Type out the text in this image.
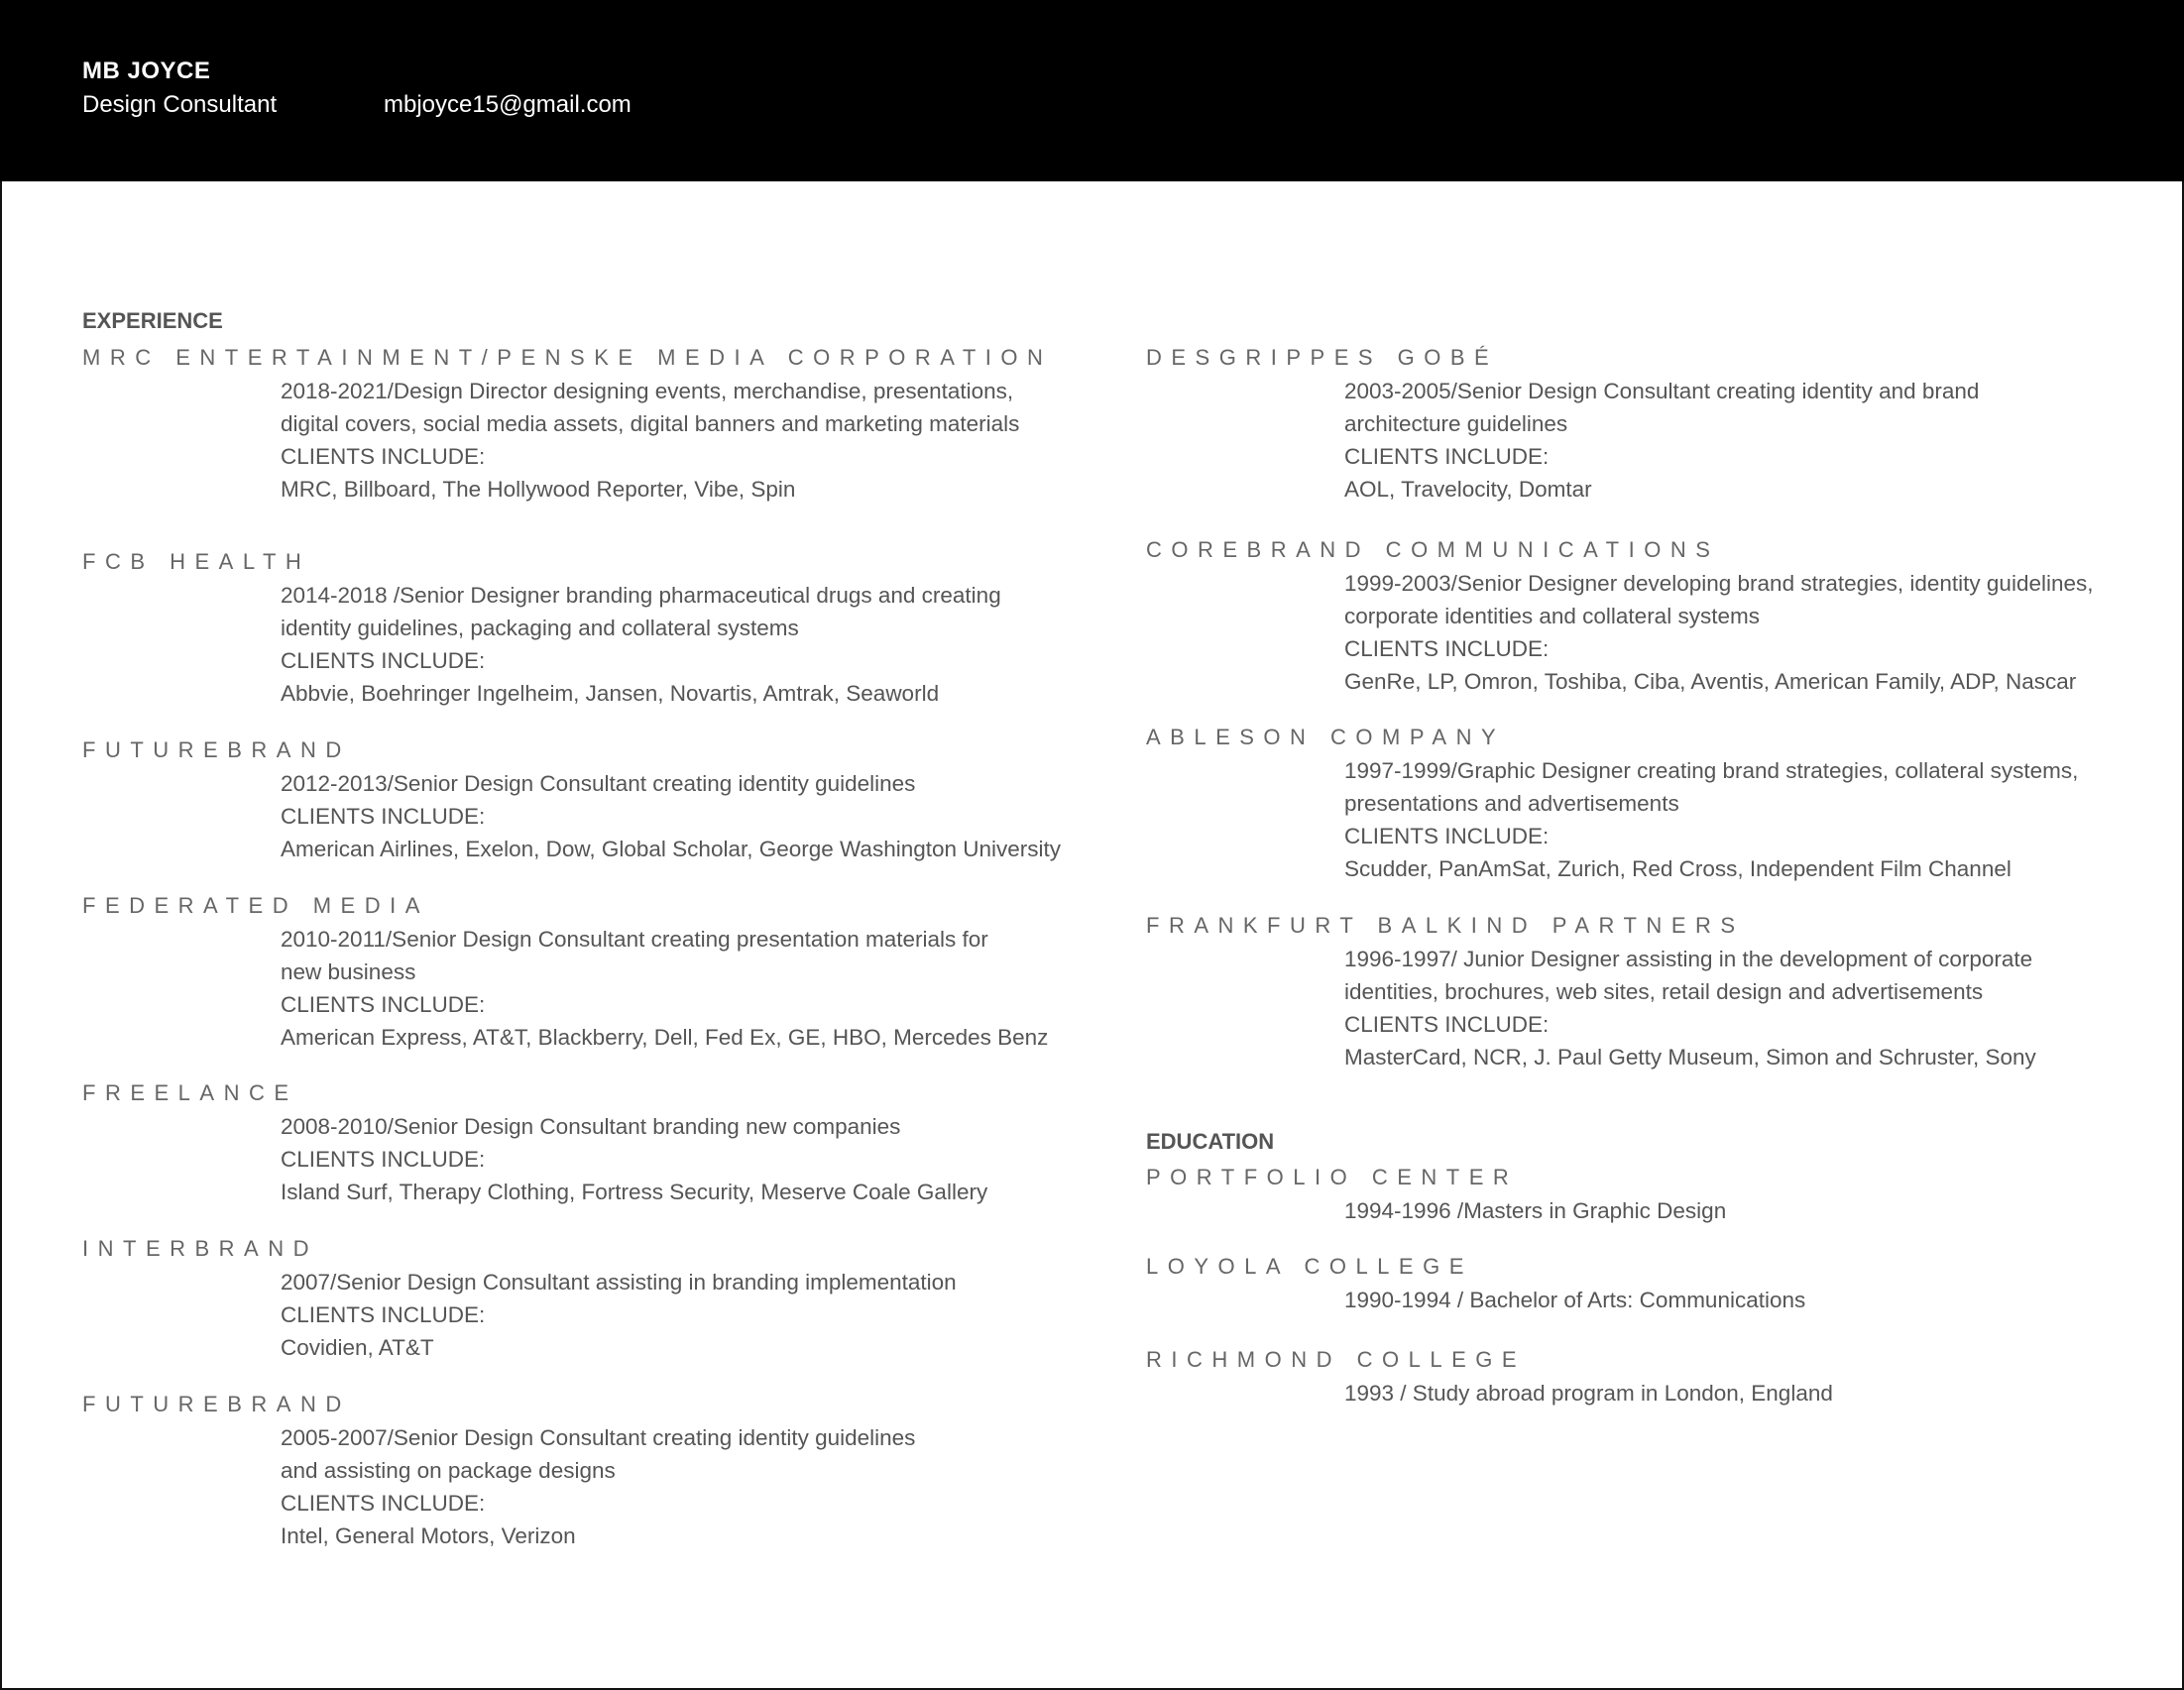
MB JOYCE
Design Consultant	mbjoyce15@gmail.com
EXPERIENCE
MRC ENTERTAINMENT/PENSKE MEDIA CORPORATION
2018-2021/Design Director designing events, merchandise, presentations,
digital covers, social media assets, digital banners and marketing materials
CLIENTS INCLUDE:
MRC, Billboard, The Hollywood Reporter, Vibe, Spin
FCB HEALTH
2014-2018 /Senior Designer branding pharmaceutical drugs and creating
identity guidelines, packaging and collateral systems
CLIENTS INCLUDE:
Abbvie, Boehringer Ingelheim, Jansen, Novartis, Amtrak, Seaworld
FUTUREBRAND
2012-2013/Senior Design Consultant creating identity guidelines
CLIENTS INCLUDE:
American Airlines, Exelon, Dow, Global Scholar, George Washington University
FEDERATED MEDIA
2010-2011/Senior Design Consultant creating presentation materials for
new business
CLIENTS INCLUDE:
American Express, AT&T, Blackberry, Dell, Fed Ex, GE, HBO, Mercedes Benz
FREELANCE
2008-2010/Senior Design Consultant branding new companies
CLIENTS INCLUDE:
Island Surf, Therapy Clothing, Fortress Security, Meserve Coale Gallery
INTERBRAND
2007/Senior Design Consultant assisting in branding implementation
CLIENTS INCLUDE:
Covidien, AT&T
FUTUREBRAND
2005-2007/Senior Design Consultant creating identity guidelines
and assisting on package designs
CLIENTS INCLUDE:
Intel, General Motors, Verizon
DESGRIPPES GOBÉ
2003-2005/Senior Design Consultant creating identity and brand
architecture guidelines
CLIENTS INCLUDE:
AOL, Travelocity, Domtar
COREBRAND COMMUNICATIONS
1999-2003/Senior Designer developing brand strategies, identity guidelines,
corporate identities and collateral systems
CLIENTS INCLUDE:
GenRe, LP, Omron, Toshiba, Ciba, Aventis, American Family, ADP, Nascar
ABLESON COMPANY
1997-1999/Graphic Designer creating brand strategies, collateral systems,
presentations and advertisements
CLIENTS INCLUDE:
Scudder, PanAmSat, Zurich, Red Cross, Independent Film Channel
FRANKFURT BALKIND PARTNERS
1996-1997/ Junior Designer assisting in the development of corporate
identities, brochures, web sites, retail design and advertisements
CLIENTS INCLUDE:
MasterCard, NCR, J. Paul Getty Museum, Simon and Schruster, Sony
EDUCATION
PORTFOLIO CENTER
1994-1996 /Masters in Graphic Design
LOYOLA COLLEGE
1990-1994 / Bachelor of Arts: Communications
RICHMOND COLLEGE
1993 / Study abroad program in London, England
